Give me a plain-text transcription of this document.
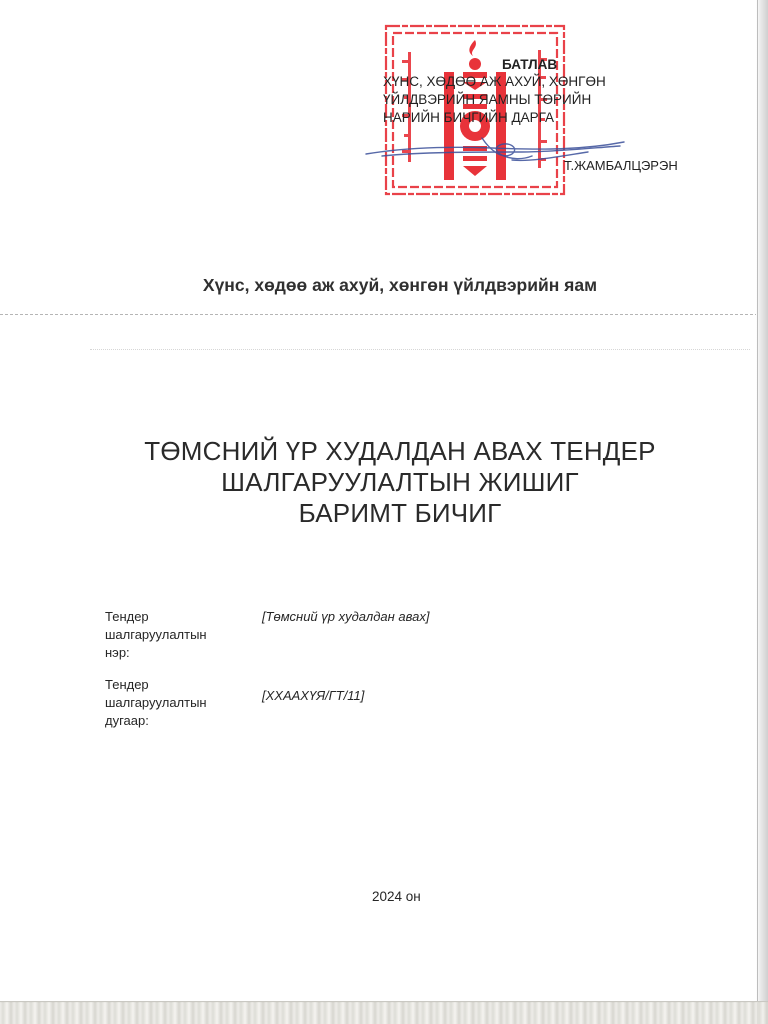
БАТЛАВ
ХҮНС, ХӨДӨӨ АЖ АХУЙ, ХӨНГӨН
ҮЙЛДВЭРИЙН ЯАМНЫ ТӨРИЙН
НАРИЙН БИЧГИЙН ДАРГА
Т.ЖАМБАЛЦЭРЭН
Хүнс, хөдөө аж ахуй, хөнгөн үйлдвэрийн яам
ТӨМСНИЙ ҮР ХУДАЛДАН АВАХ ТЕНДЕР
ШАЛГАРУУЛАЛТЫН ЖИШИГ
БАРИМТ БИЧИГ
Тендер
шалгаруулалтын
нэр:
[Төмсний үр худалдан авах]
Тендер
шалгаруулалтын
дугаар:
[ХХААХҮЯ/ГТ/11]
2024 он
